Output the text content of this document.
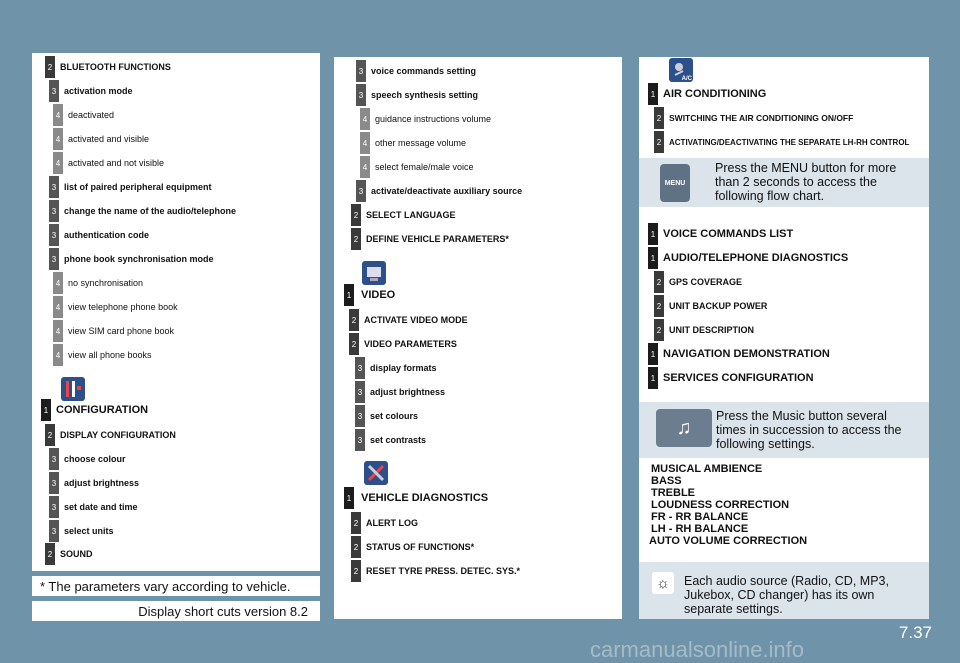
2 BLUETOOTH FUNCTIONS
3 activation mode
4 deactivated
4 activated and visible
4 activated and not visible
3 list of paired peripheral equipment
3 change the name of the audio/telephone
3 authentication code
3 phone book synchronisation mode
4 no synchronisation
4 view telephone phone book
4 view SIM card phone book
4 view all phone books
1 CONFIGURATION
2 DISPLAY CONFIGURATION
3 choose colour
3 adjust brightness
3 set date and time
3 select units
2 SOUND
* The parameters vary according to vehicle.
Display short cuts version 8.2
3 voice commands setting
3 speech synthesis setting
4 guidance instructions volume
4 other message volume
4 select female/male voice
3 activate/deactivate auxiliary source
2 SELECT LANGUAGE
2 DEFINE VEHICLE PARAMETERS*
1 VIDEO
2 ACTIVATE VIDEO MODE
2 VIDEO PARAMETERS
3 display formats
3 adjust brightness
3 set colours
3 set contrasts
1 VEHICLE DIAGNOSTICS
2 ALERT LOG
2 STATUS OF FUNCTIONS*
2 RESET TYRE PRESS. DETEC. SYS.*
A/C
1 AIR CONDITIONING
2 SWITCHING THE AIR CONDITIONING ON/OFF
2 ACTIVATING/DEACTIVATING THE SEPARATE LH-RH CONTROL
MENU
Press the MENU button for more than 2 seconds to access the following flow chart.
1 VOICE COMMANDS LIST
1 AUDIO/TELEPHONE DIAGNOSTICS
2 GPS COVERAGE
2 UNIT BACKUP POWER
2 UNIT DESCRIPTION
1 NAVIGATION DEMONSTRATION
1 SERVICES CONFIGURATION
♫
Press the Music button several times in succession to access the following settings.
MUSICAL AMBIENCE
BASS
TREBLE
LOUDNESS CORRECTION
FR - RR BALANCE
LH - RH BALANCE
AUTO VOLUME CORRECTION
☼	Each audio source (Radio, CD, MP3, Jukebox, CD changer) has its own separate settings.
7.37
carmanualsonline.info
